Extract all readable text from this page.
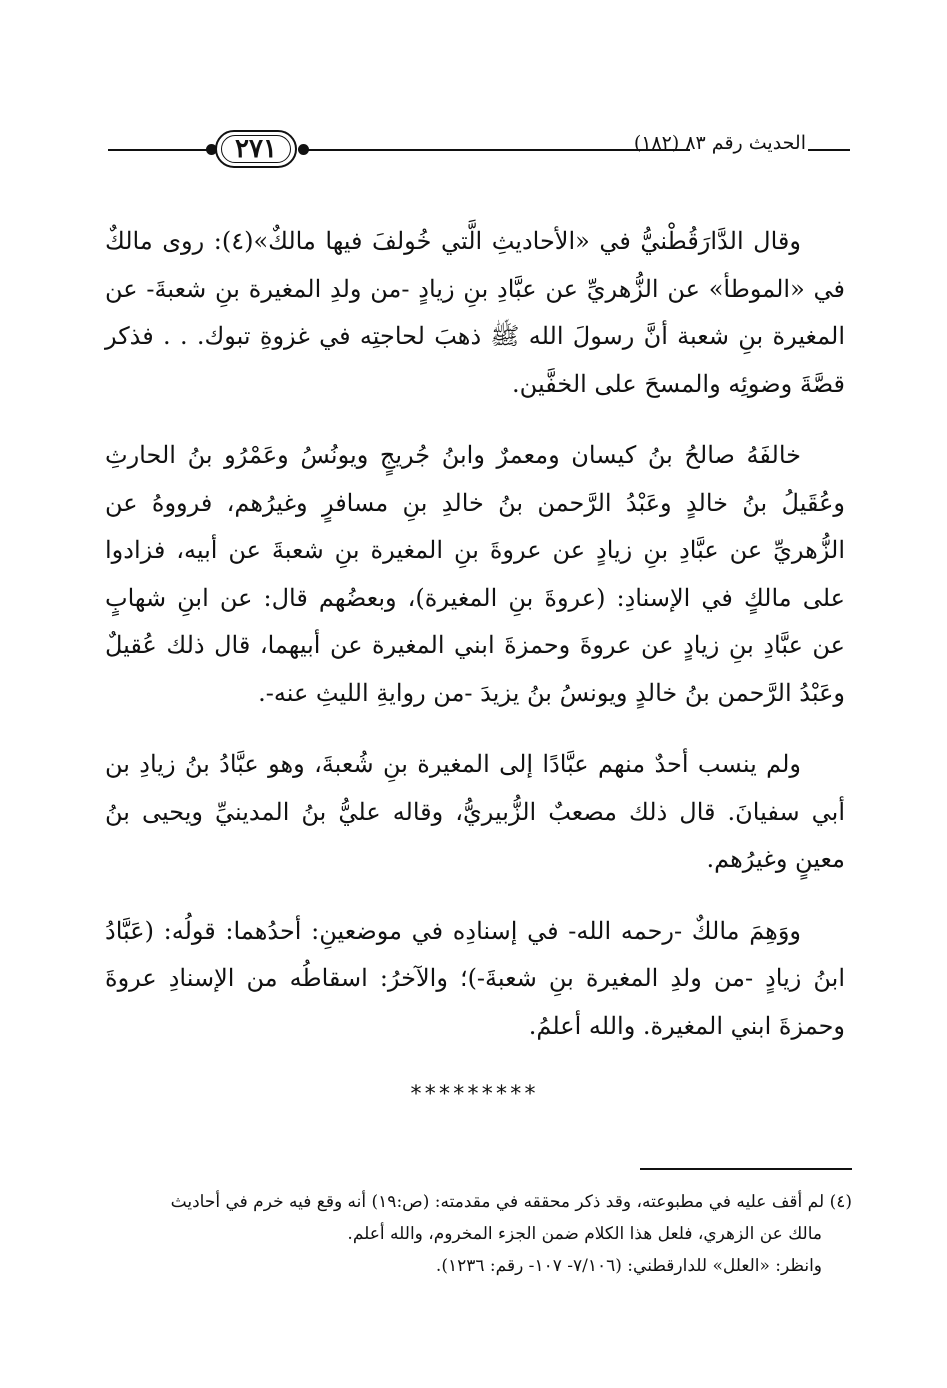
٢٧١	الحديث رقم ٨٣ (١٨٢)

وقال الدَّارَقُطْنيُّ في «الأحاديثِ الَّتي خُولفَ فيها مالكٌ»(٤): روى مالكٌ في «الموطأ» عن الزُّهريِّ عن عبَّادِ بنِ زيادٍ -من ولدِ المغيرة بنِ شعبةَ- عن المغيرة بنِ شعبة أنَّ رسولَ الله ﷺ ذهبَ لحاجتِه في غزوةِ تبوك. . . فذكر قصَّةَ وضوئِه والمسحَ على الخفَّين.

خالفَهُ صالحُ بنُ كيسان ومعمرٌ وابنُ جُريجٍ ويونُسُ وعَمْرُو بنُ الحارثِ وعُقَيلُ بنُ خالدٍ وعَبْدُ الرَّحمن بنُ خالدِ بنِ مسافرٍ وغيرُهم، فرووهُ عن الزُّهريِّ عن عبَّادِ بنِ زيادٍ عن عروةَ بنِ المغيرة بنِ شعبةَ عن أبيه، فزادوا على مالكٍ في الإسنادِ: (عروةَ بنِ المغيرة)، وبعضُهم قال: عن ابنِ شهابٍ عن عبَّادِ بنِ زيادٍ عن عروةَ وحمزةَ ابني المغيرة عن أبيهما، قال ذلك عُقيلٌ وعَبْدُ الرَّحمن بنُ خالدٍ ويونسُ بنُ يزيدَ -من روايةِ الليثِ عنه-.

ولم ينسب أحدٌ منهم عبَّادًا إلى المغيرة بنِ شُعبةَ، وهو عبَّادُ بنُ زيادِ بن أبي سفيانَ. قال ذلك مصعبٌ الزُّبيريُّ، وقاله عليُّ بنُ المدينيِّ ويحيى بنُ معينٍ وغيرُهم.

ووَهِمَ مالكٌ -رحمه الله- في إسنادِه في موضعينِ: أحدُهما: قولُه: (عَبَّادُ ابنُ زيادٍ -من ولدِ المغيرة بنِ شعبةَ-)؛ والآخرُ: اسقاطُه من الإسنادِ عروةَ وحمزةَ ابني المغيرة. والله أعلمُ.

*********

(٤) لم أقف عليه في مطبوعته، وقد ذكر محققه في مقدمته: (ص:١٩) أنه وقع فيه خرم في أحاديث

مالك عن الزهري، فلعل هذا الكلام ضمن الجزء المخروم، والله أعلم.

وانظر: «العلل» للدارقطني: (٧/١٠٦- ١٠٧- رقم: ١٢٣٦).
